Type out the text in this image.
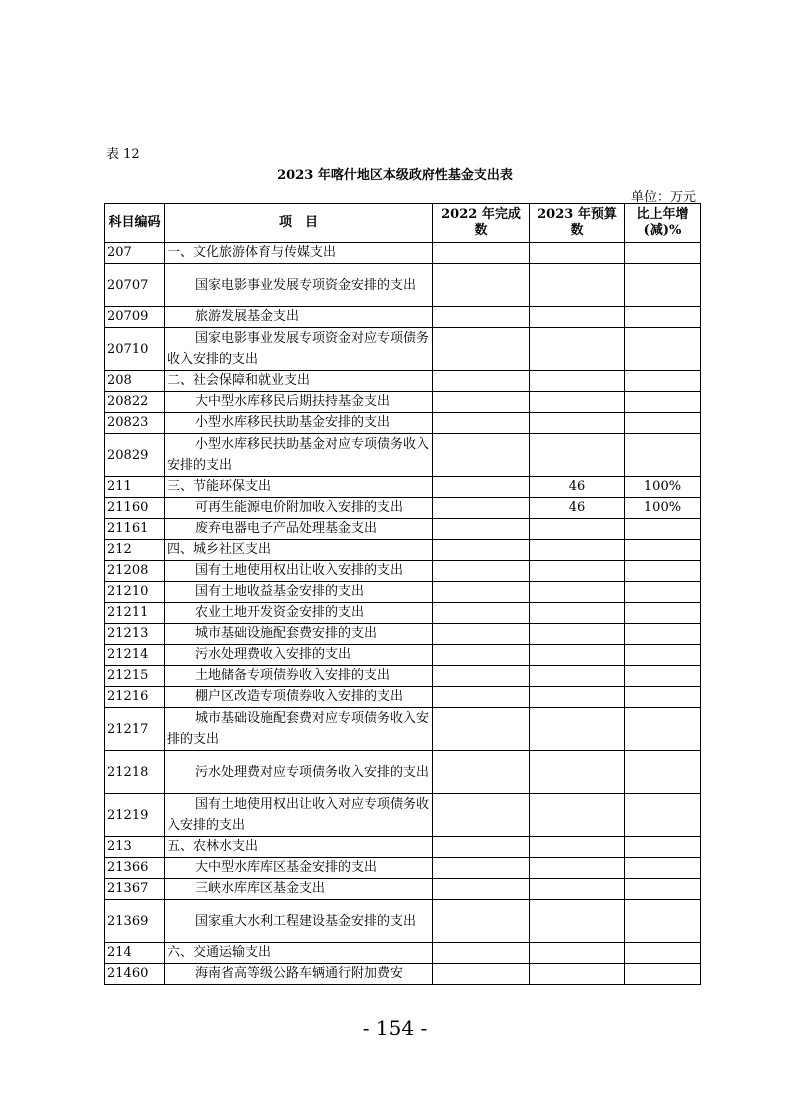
表 12
2023 年喀什地区本级政府性基金支出表
单位：万元
科目编码	项　目	2022 年完成数	2023 年预算数	比上年增(减)%
207	一、文化旅游体育与传媒支出			
20707	国家电影事业发展专项资金安排的支出			
20709	旅游发展基金支出			
20710	国家电影事业发展专项资金对应专项债务收入安排的支出			
208	二、社会保障和就业支出			
20822	大中型水库移民后期扶持基金支出			
20823	小型水库移民扶助基金安排的支出			
20829	小型水库移民扶助基金对应专项债务收入安排的支出			
211	三、节能环保支出		46	100%
21160	可再生能源电价附加收入安排的支出		46	100%
21161	废弃电器电子产品处理基金支出			
212	四、城乡社区支出			
21208	国有土地使用权出让收入安排的支出			
21210	国有土地收益基金安排的支出			
21211	农业土地开发资金安排的支出			
21213	城市基础设施配套费安排的支出			
21214	污水处理费收入安排的支出			
21215	土地储备专项债券收入安排的支出			
21216	棚户区改造专项债券收入安排的支出			
21217	城市基础设施配套费对应专项债务收入安排的支出			
21218	污水处理费对应专项债务收入安排的支出			
21219	国有土地使用权出让收入对应专项债务收入安排的支出			
213	五、农林水支出			
21366	大中型水库库区基金安排的支出			
21367	三峡水库库区基金支出			
21369	国家重大水利工程建设基金安排的支出			
214	六、交通运输支出			
21460	海南省高等级公路车辆通行附加费安			
- 154 -
